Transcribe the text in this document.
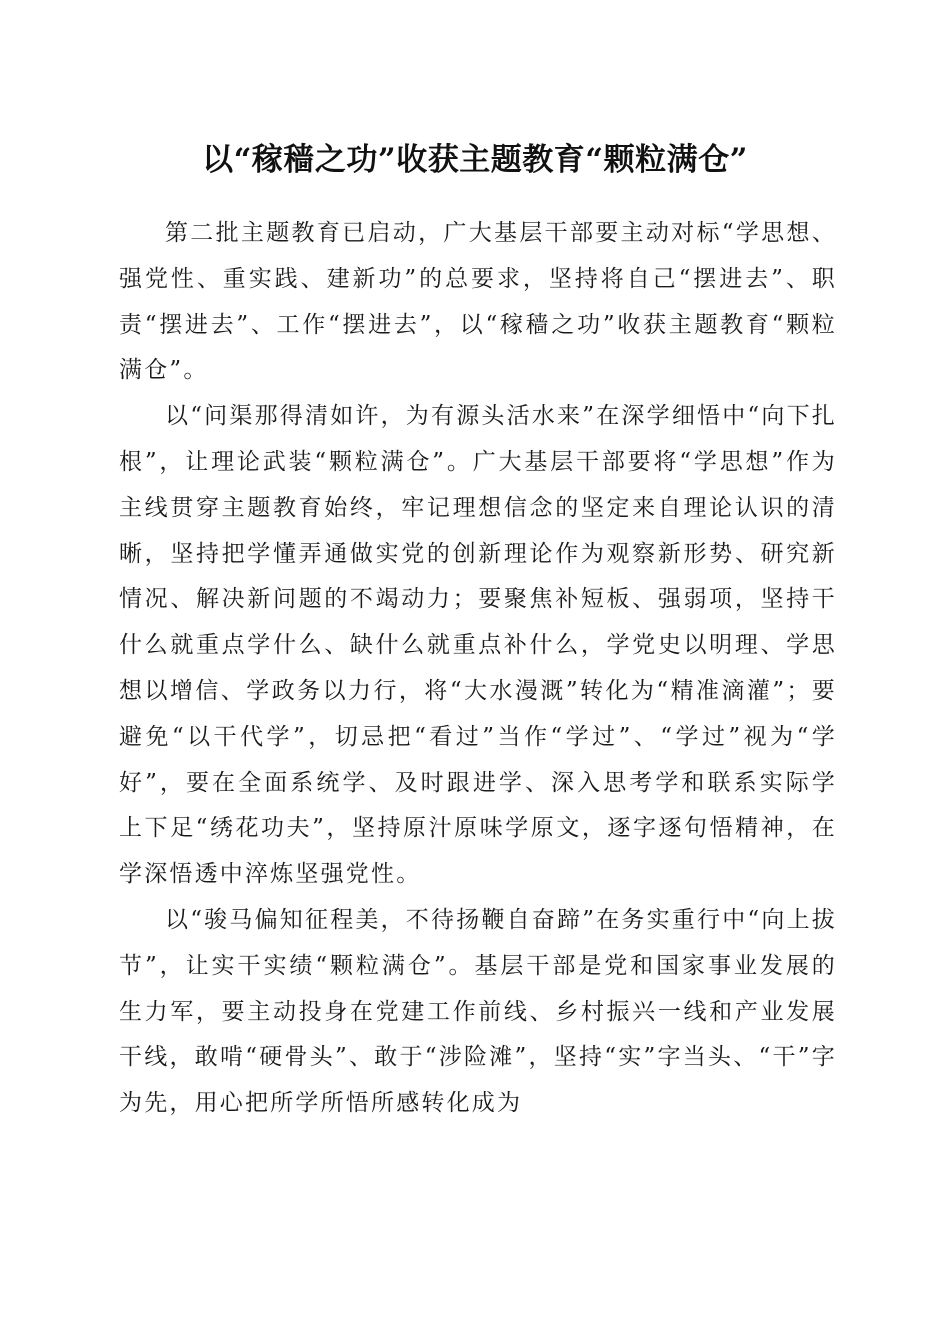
以“稼穑之功”收获主题教育“颗粒满仓”

第二批主题教育已启动，广大基层干部要主动对标“学思想、强党性、重实践、建新功”的总要求，坚持将自己“摆进去”、职责“摆进去”、工作“摆进去”，以“稼穑之功”收获主题教育“颗粒满仓”。

以“问渠那得清如许，为有源头活水来”在深学细悟中“向下扎根”，让理论武装“颗粒满仓”。广大基层干部要将“学思想”作为主线贯穿主题教育始终，牢记理想信念的坚定来自理论认识的清晰，坚持把学懂弄通做实党的创新理论作为观察新形势、研究新情况、解决新问题的不竭动力；要聚焦补短板、强弱项，坚持干什么就重点学什么、缺什么就重点补什么，学党史以明理、学思想以增信、学政务以力行，将“大水漫溉”转化为“精准滴灌”；要避免“以干代学”，切忌把“看过”当作“学过”、“学过”视为“学好”，要在全面系统学、及时跟进学、深入思考学和联系实际学上下足“绣花功夫”，坚持原汁原味学原文，逐字逐句悟精神，在学深悟透中淬炼坚强党性。

以“骏马偏知征程美，不待扬鞭自奋蹄”在务实重行中“向上拔节”，让实干实绩“颗粒满仓”。基层干部是党和国家事业发展的生力军，要主动投身在党建工作前线、乡村振兴一线和产业发展干线，敢啃“硬骨头”、敢于“涉险滩”，坚持“实”字当头、“干”字为先，用心把所学所悟所感转化成为
